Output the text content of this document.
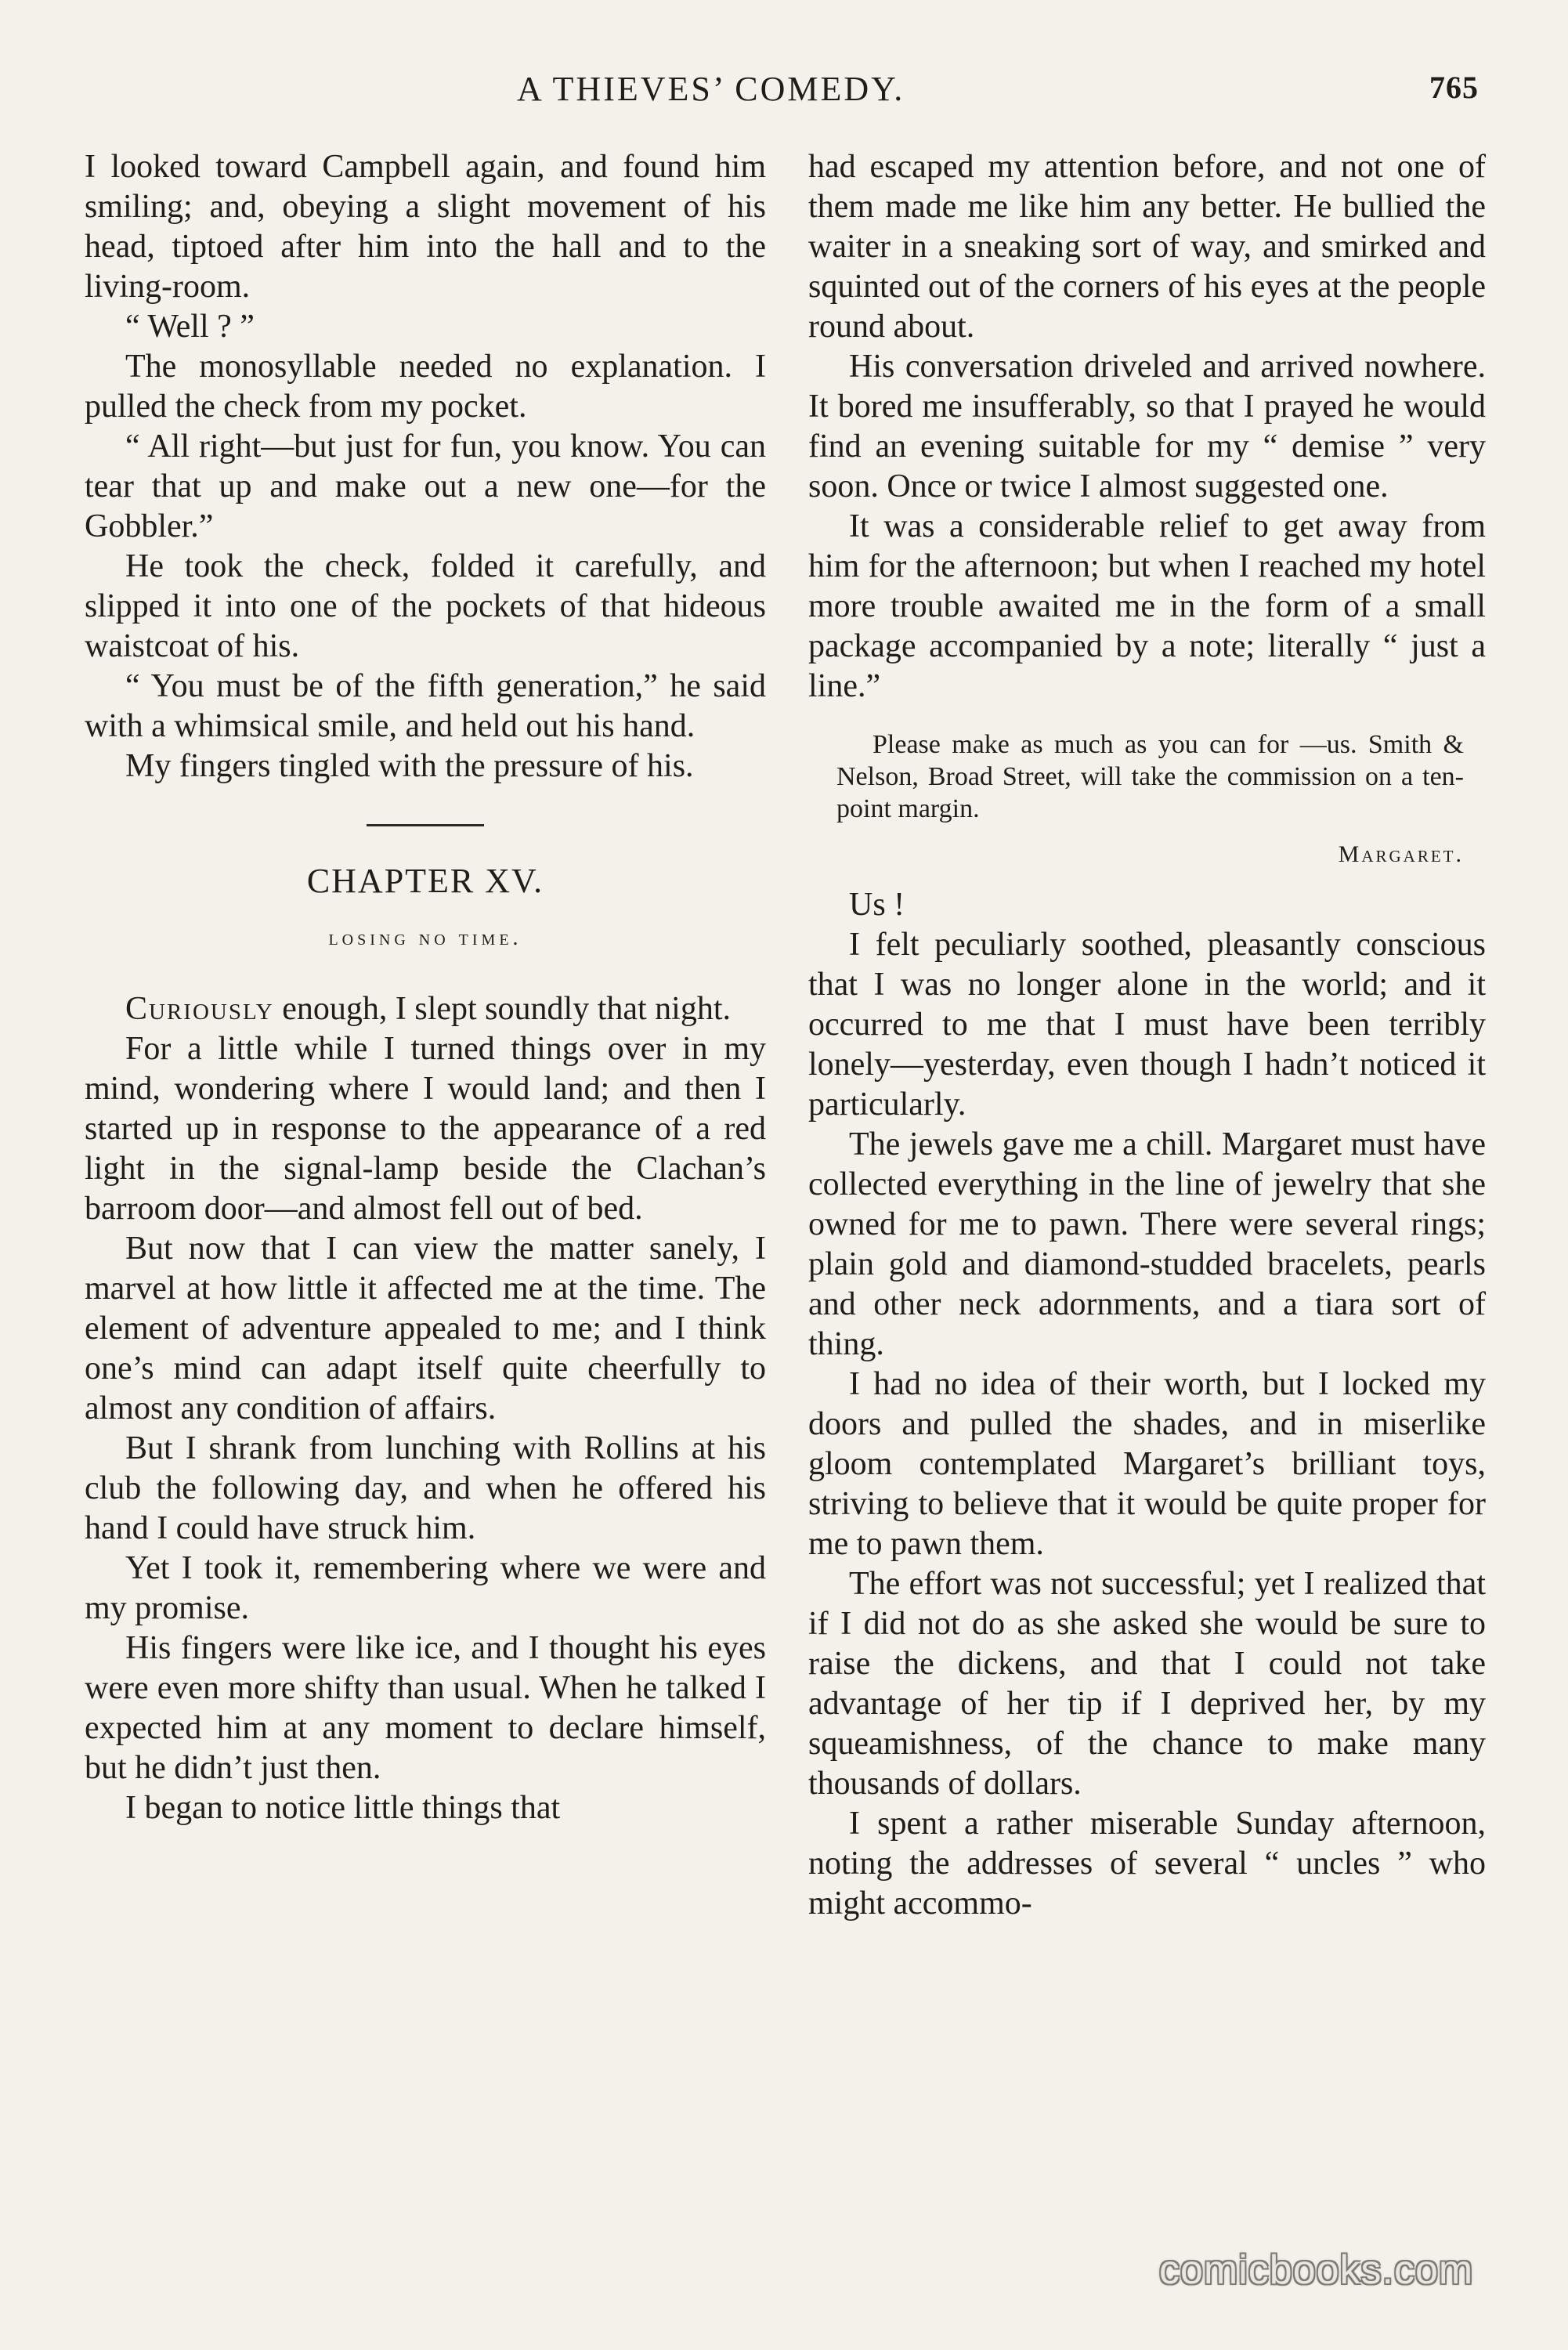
A THIEVES’ COMEDY.	765

I looked toward Campbell again, and found him smiling; and, obeying a slight movement of his head, tiptoed after him into the hall and to the living-room.

“ Well ? ”

The monosyllable needed no explanation. I pulled the check from my pocket.

“ All right—but just for fun, you know. You can tear that up and make out a new one—for the Gobbler.”

He took the check, folded it carefully, and slipped it into one of the pockets of that hideous waistcoat of his.

“ You must be of the fifth generation,” he said with a whimsical smile, and held out his hand.

My fingers tingled with the pressure of his.

CHAPTER XV.
losing no time.

Curiously enough, I slept soundly that night.

For a little while I turned things over in my mind, wondering where I would land; and then I started up in response to the appearance of a red light in the signal-lamp beside the Clachan’s barroom door—and almost fell out of bed.

But now that I can view the matter sanely, I marvel at how little it affected me at the time. The element of adventure appealed to me; and I think one’s mind can adapt itself quite cheerfully to almost any condition of affairs.

But I shrank from lunching with Rollins at his club the following day, and when he offered his hand I could have struck him.

Yet I took it, remembering where we were and my promise.

His fingers were like ice, and I thought his eyes were even more shifty than usual. When he talked I expected him at any moment to declare himself, but he didn’t just then.

I began to notice little things that

had escaped my attention before, and not one of them made me like him any better. He bullied the waiter in a sneaking sort of way, and smirked and squinted out of the corners of his eyes at the people round about.

His conversation driveled and arrived nowhere. It bored me insufferably, so that I prayed he would find an evening suitable for my “ demise ” very soon. Once or twice I almost suggested one.

It was a considerable relief to get away from him for the afternoon; but when I reached my hotel more trouble awaited me in the form of a small package accompanied by a note; literally “ just a line.”

Please make as much as you can for —us. Smith & Nelson, Broad Street, will take the commission on a ten-point margin.

Margaret.

Us !

I felt peculiarly soothed, pleasantly conscious that I was no longer alone in the world; and it occurred to me that I must have been terribly lonely—yesterday, even though I hadn’t noticed it particularly.

The jewels gave me a chill. Margaret must have collected everything in the line of jewelry that she owned for me to pawn. There were several rings; plain gold and diamond-studded bracelets, pearls and other neck adornments, and a tiara sort of thing.

I had no idea of their worth, but I locked my doors and pulled the shades, and in miserlike gloom contemplated Margaret’s brilliant toys, striving to believe that it would be quite proper for me to pawn them.

The effort was not successful; yet I realized that if I did not do as she asked she would be sure to raise the dickens, and that I could not take advantage of her tip if I deprived her, by my squeamishness, of the chance to make many thousands of dollars.

I spent a rather miserable Sunday afternoon, noting the addresses of several “ uncles ” who might accommo-

comicbooks.com
